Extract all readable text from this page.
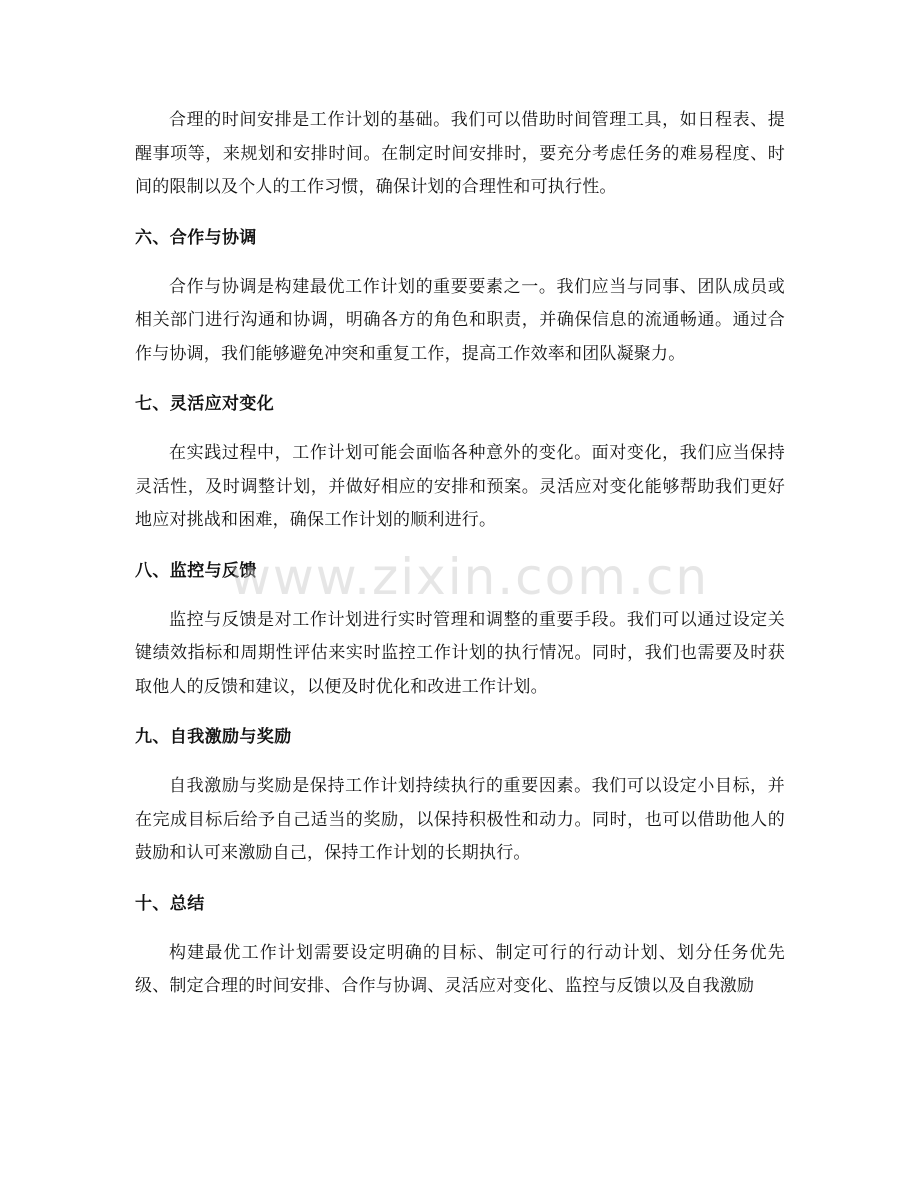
合理的时间安排是工作计划的基础。我们可以借助时间管理工具，如日程表、提醒事项等，来规划和安排时间。在制定时间安排时，要充分考虑任务的难易程度、时间的限制以及个人的工作习惯，确保计划的合理性和可执行性。

六、合作与协调

合作与协调是构建最优工作计划的重要要素之一。我们应当与同事、团队成员或相关部门进行沟通和协调，明确各方的角色和职责，并确保信息的流通畅通。通过合作与协调，我们能够避免冲突和重复工作，提高工作效率和团队凝聚力。

七、灵活应对变化

在实践过程中，工作计划可能会面临各种意外的变化。面对变化，我们应当保持灵活性，及时调整计划，并做好相应的安排和预案。灵活应对变化能够帮助我们更好地应对挑战和困难，确保工作计划的顺利进行。

八、监控与反馈

监控与反馈是对工作计划进行实时管理和调整的重要手段。我们可以通过设定关键绩效指标和周期性评估来实时监控工作计划的执行情况。同时，我们也需要及时获取他人的反馈和建议，以便及时优化和改进工作计划。

九、自我激励与奖励

自我激励与奖励是保持工作计划持续执行的重要因素。我们可以设定小目标，并在完成目标后给予自己适当的奖励，以保持积极性和动力。同时，也可以借助他人的鼓励和认可来激励自己，保持工作计划的长期执行。

十、总结

构建最优工作计划需要设定明确的目标、制定可行的行动计划、划分任务优先级、制定合理的时间安排、合作与协调、灵活应对变化、监控与反馈以及自我激励

www.zixin.com.cn
